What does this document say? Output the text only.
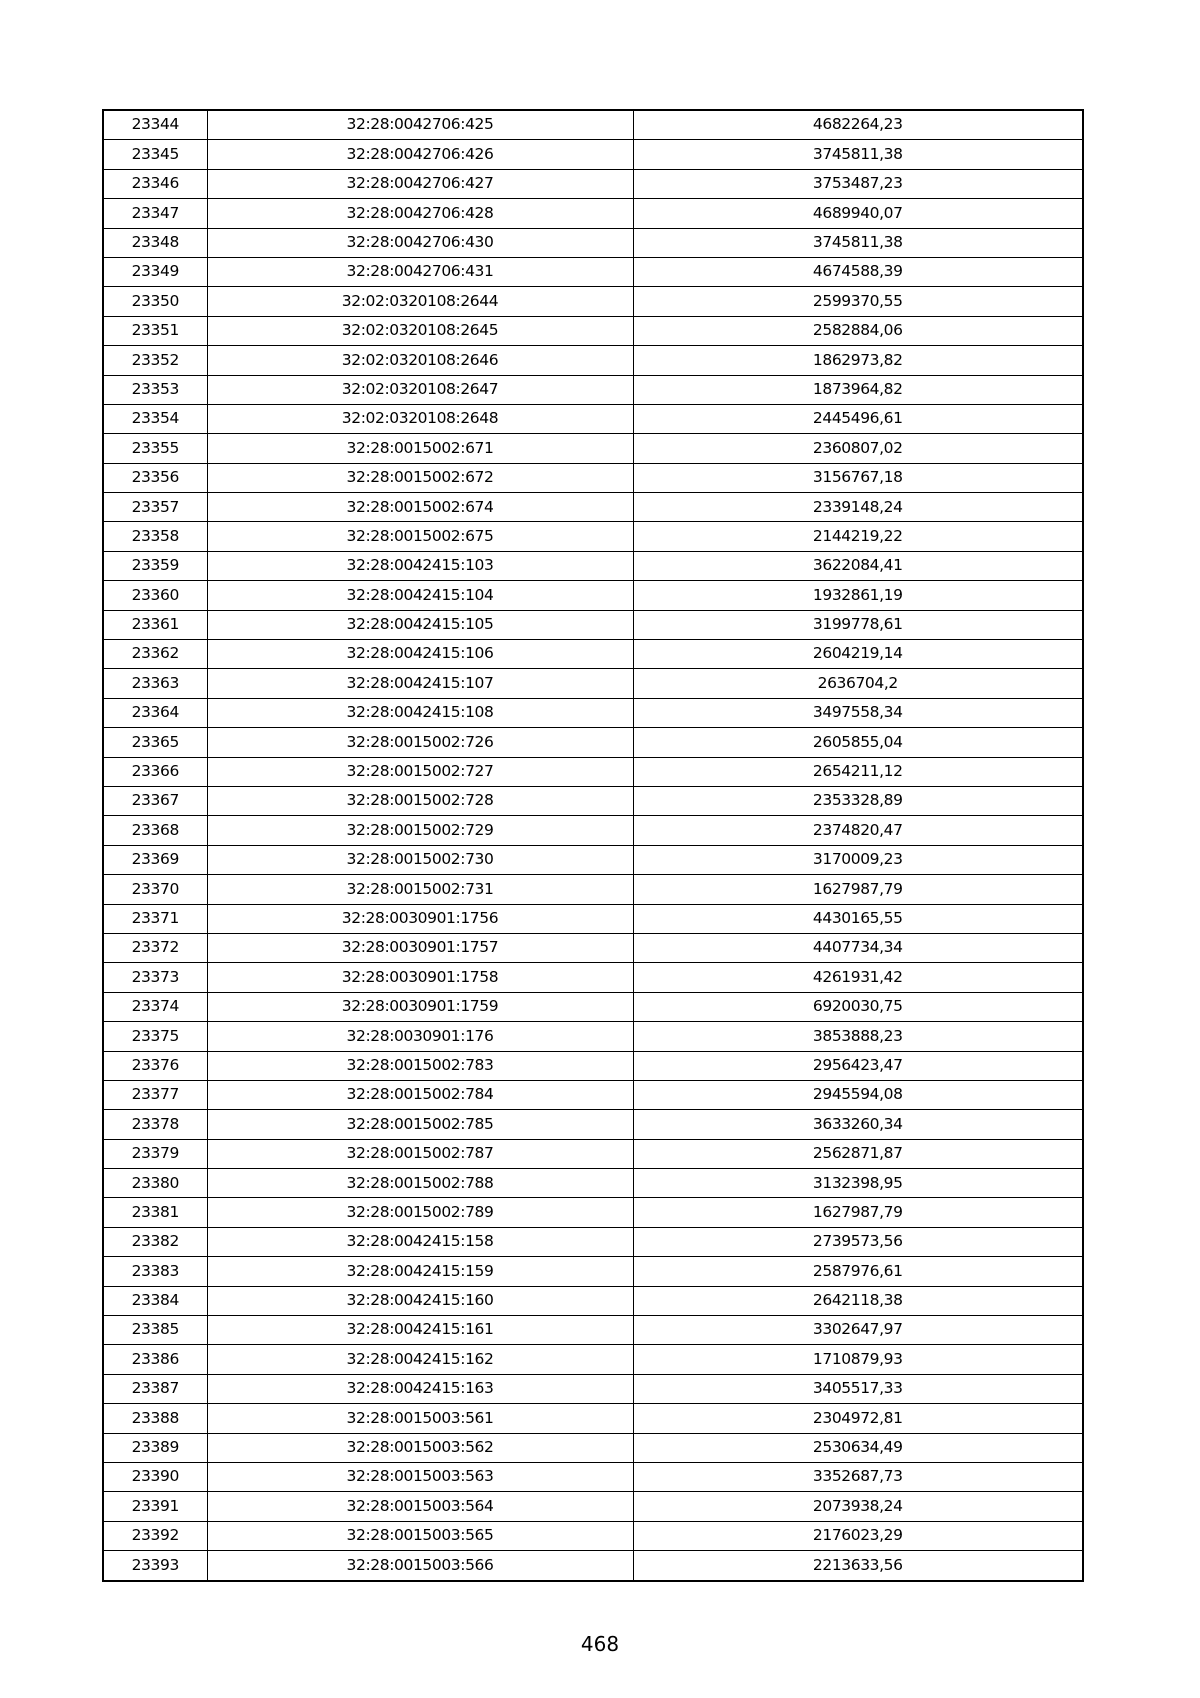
23344	32:28:0042706:425	4682264,23
23345	32:28:0042706:426	3745811,38
23346	32:28:0042706:427	3753487,23
23347	32:28:0042706:428	4689940,07
23348	32:28:0042706:430	3745811,38
23349	32:28:0042706:431	4674588,39
23350	32:02:0320108:2644	2599370,55
23351	32:02:0320108:2645	2582884,06
23352	32:02:0320108:2646	1862973,82
23353	32:02:0320108:2647	1873964,82
23354	32:02:0320108:2648	2445496,61
23355	32:28:0015002:671	2360807,02
23356	32:28:0015002:672	3156767,18
23357	32:28:0015002:674	2339148,24
23358	32:28:0015002:675	2144219,22
23359	32:28:0042415:103	3622084,41
23360	32:28:0042415:104	1932861,19
23361	32:28:0042415:105	3199778,61
23362	32:28:0042415:106	2604219,14
23363	32:28:0042415:107	2636704,2
23364	32:28:0042415:108	3497558,34
23365	32:28:0015002:726	2605855,04
23366	32:28:0015002:727	2654211,12
23367	32:28:0015002:728	2353328,89
23368	32:28:0015002:729	2374820,47
23369	32:28:0015002:730	3170009,23
23370	32:28:0015002:731	1627987,79
23371	32:28:0030901:1756	4430165,55
23372	32:28:0030901:1757	4407734,34
23373	32:28:0030901:1758	4261931,42
23374	32:28:0030901:1759	6920030,75
23375	32:28:0030901:176	3853888,23
23376	32:28:0015002:783	2956423,47
23377	32:28:0015002:784	2945594,08
23378	32:28:0015002:785	3633260,34
23379	32:28:0015002:787	2562871,87
23380	32:28:0015002:788	3132398,95
23381	32:28:0015002:789	1627987,79
23382	32:28:0042415:158	2739573,56
23383	32:28:0042415:159	2587976,61
23384	32:28:0042415:160	2642118,38
23385	32:28:0042415:161	3302647,97
23386	32:28:0042415:162	1710879,93
23387	32:28:0042415:163	3405517,33
23388	32:28:0015003:561	2304972,81
23389	32:28:0015003:562	2530634,49
23390	32:28:0015003:563	3352687,73
23391	32:28:0015003:564	2073938,24
23392	32:28:0015003:565	2176023,29
23393	32:28:0015003:566	2213633,56
468
